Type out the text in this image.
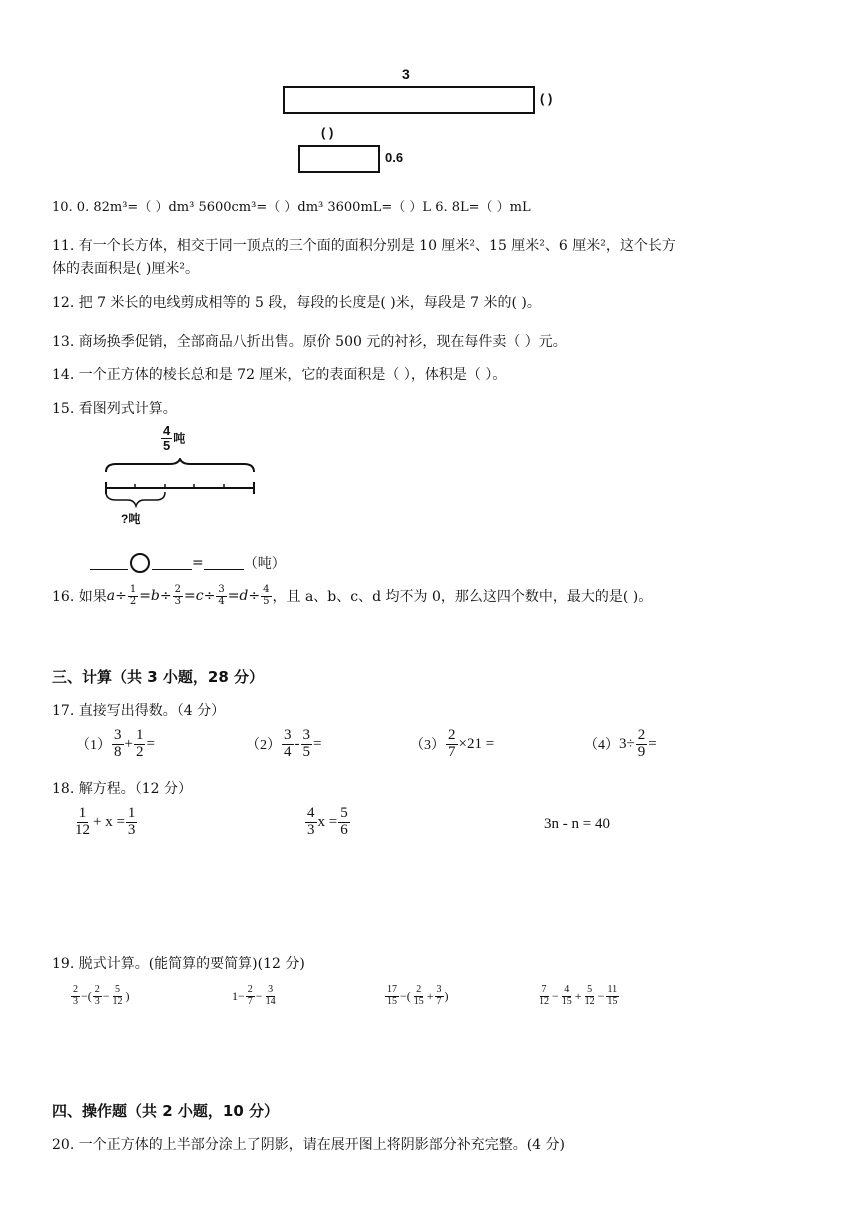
3
( )
( )
0.6
10. 0. 82m³=（ ）dm³ 5600cm³=（ ）dm³ 3600mL=（ ）L 6. 8L=（ ）mL
11. 有一个长方体，相交于同一顶点的三个面的面积分别是 10 厘米²、15 厘米²、6 厘米²，这个长方
体的表面积是( )厘米²。
12. 把 7 米长的电线剪成相等的 5 段，每段的长度是( )米，每段是 7 米的( )。
13. 商场换季促销，全部商品八折出售。原价 500 元的衬衫，现在每件卖（ ）元。
14. 一个正方体的棱长总和是 72 厘米，它的表面积是（ ），体积是（ ）。
15. 看图列式计算。
$\frac{4}{5}$ 吨
?吨
=	（吨）
16. 如果 $a \div \frac{1}{2} = b \div \frac{2}{3} = c \div \frac{3}{4} = d \div \frac{4}{5}$ ，且 a、b、c、d 均不为 0，那么这四个数中，最大的是( )。
三、计算（共 3 小题，28 分）
17. 直接写出得数。（4 分）
$(1) \frac{3}{8} + \frac{1}{2}$ =	$(2) \frac{3}{4} - \frac{3}{5}$ =	$(3) \frac{2}{7} \times 21$ =	（4） $3\div \frac{2}{9}$ =
18. 解方程。（12 分）
$\frac{1}{12} + x = \frac{1}{3}$	$\frac{4}{3}$ $x = \frac{5}{6}$	3n - n = 40
19. 脱式计算。(能简算的要简算)(12 分)
$\frac{2}{3}$ −( $\frac{2}{3} - \frac{5}{12}$ )	$1- \frac{2}{7} - \frac{3}{14}$	$\frac{17}{15}$ −( $\frac{2}{15} + \frac{3}{7}$ )	$\frac{7}{12} - \frac{4}{15} + \frac{5}{12} - \frac{11}{15}$
四、操作题（共 2 小题，10 分）
20. 一个正方体的上半部分涂上了阴影，请在展开图上将阴影部分补充完整。(4 分)
